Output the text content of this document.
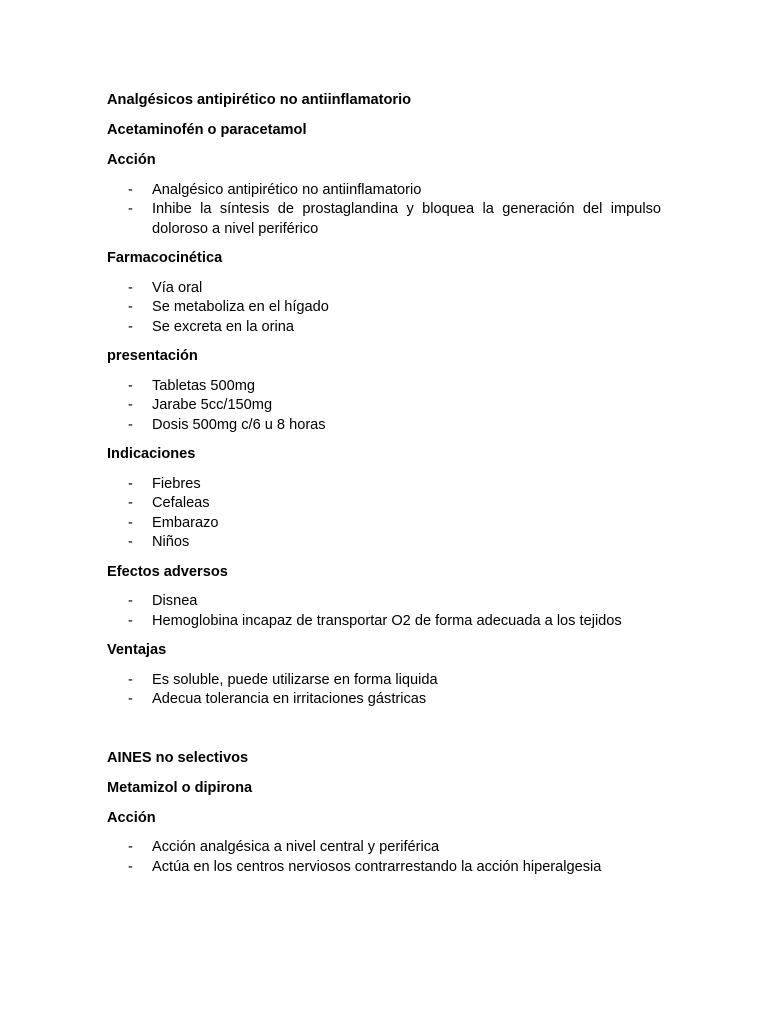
Analgésicos antipirético no antiinflamatorio
Acetaminofén o paracetamol
Acción
- Analgésico antipirético no antiinflamatorio
- Inhibe la síntesis de prostaglandina y bloquea la generación del impulso doloroso a nivel periférico
Farmacocinética
- Vía oral
- Se metaboliza en el hígado
- Se excreta en la orina
presentación
- Tabletas 500mg
- Jarabe 5cc/150mg
- Dosis 500mg c/6 u 8 horas
Indicaciones
- Fiebres
- Cefaleas
- Embarazo
- Niños
Efectos adversos
- Disnea
- Hemoglobina incapaz de transportar O2 de forma adecuada a los tejidos
Ventajas
- Es soluble, puede utilizarse en forma liquida
- Adecua tolerancia en irritaciones gástricas
AINES no selectivos
Metamizol o dipirona
Acción
- Acción analgésica a nivel central y periférica
- Actúa en los centros nerviosos contrarrestando la acción hiperalgesia
